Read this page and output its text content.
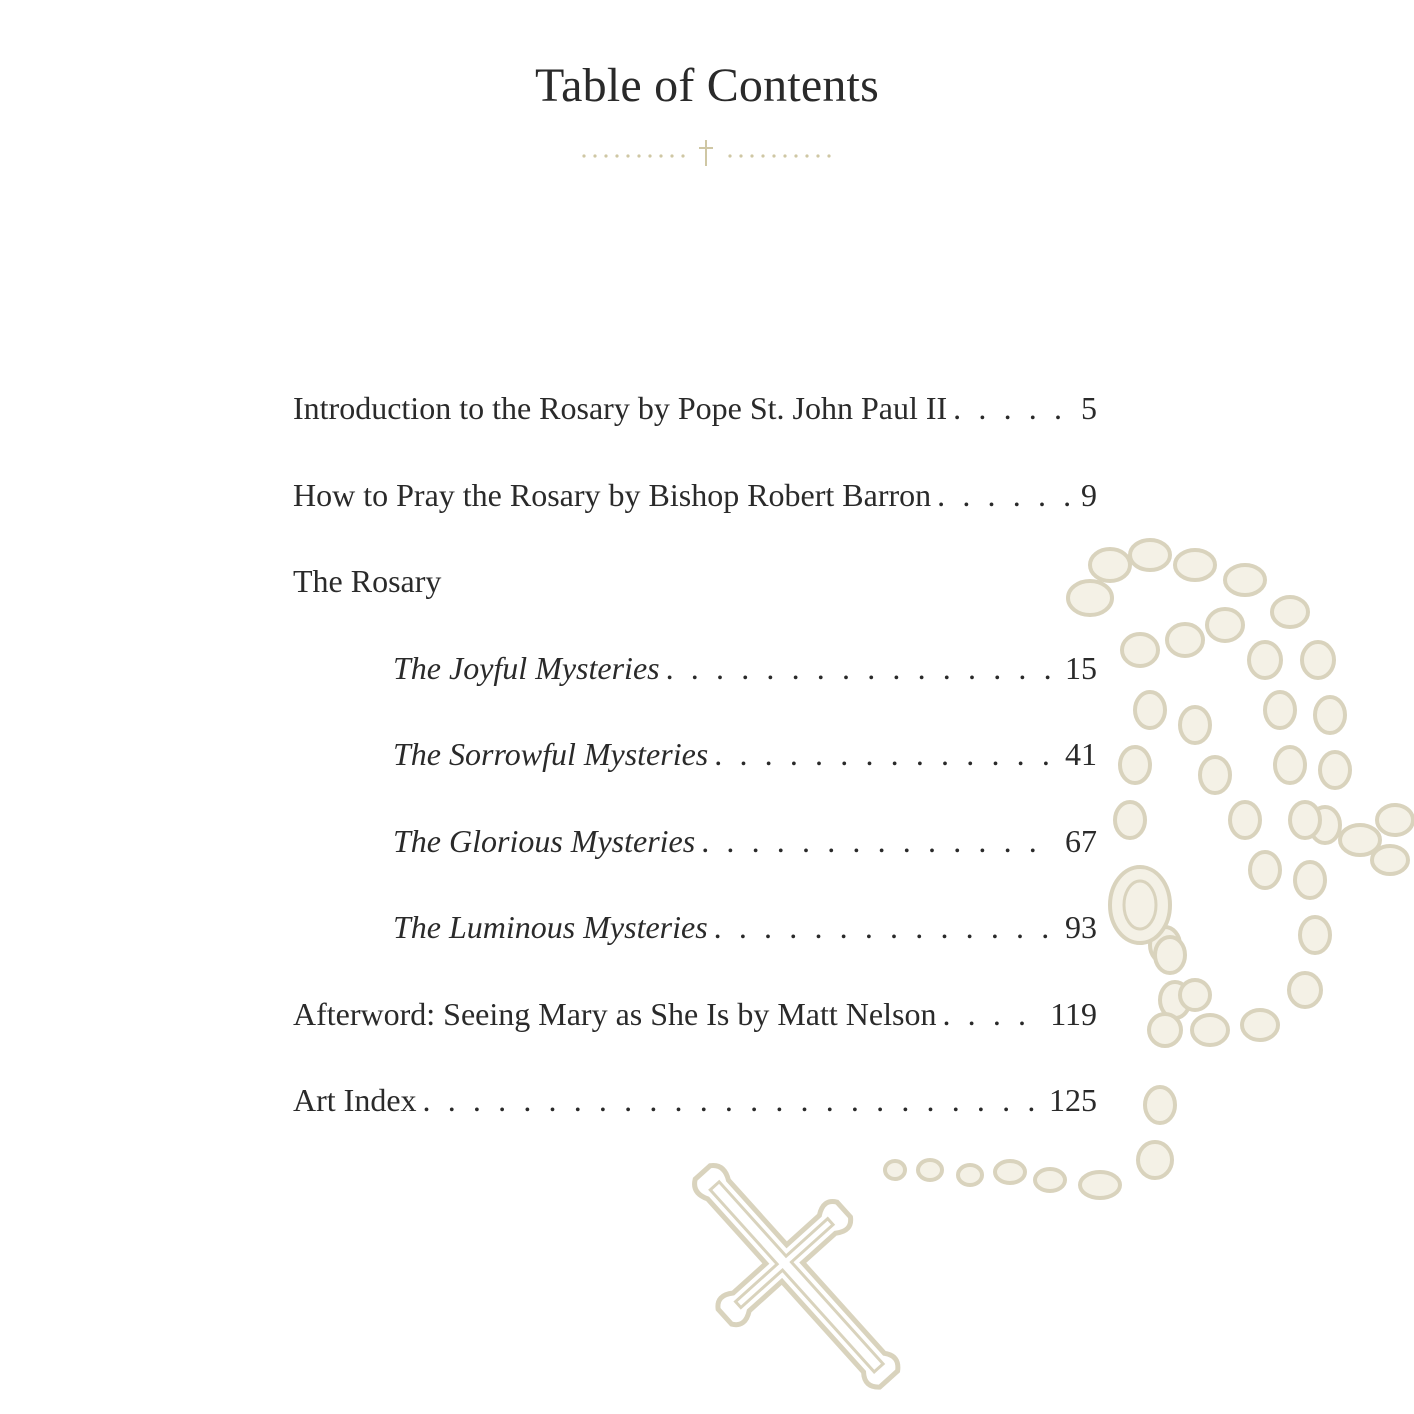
Table of Contents
Introduction to the Rosary by Pope St. John Paul II . . .	5
How to Pray the Rosary by Bishop Robert Barron . . .	9
The Rosary
The Joyful Mysteries . . .	15
The Sorrowful Mysteries . . .	41
The Glorious Mysteries . . .	67
The Luminous Mysteries . . .	93
Afterword: Seeing Mary as She Is by Matt Nelson . . .	119
Art Index . . .	125
